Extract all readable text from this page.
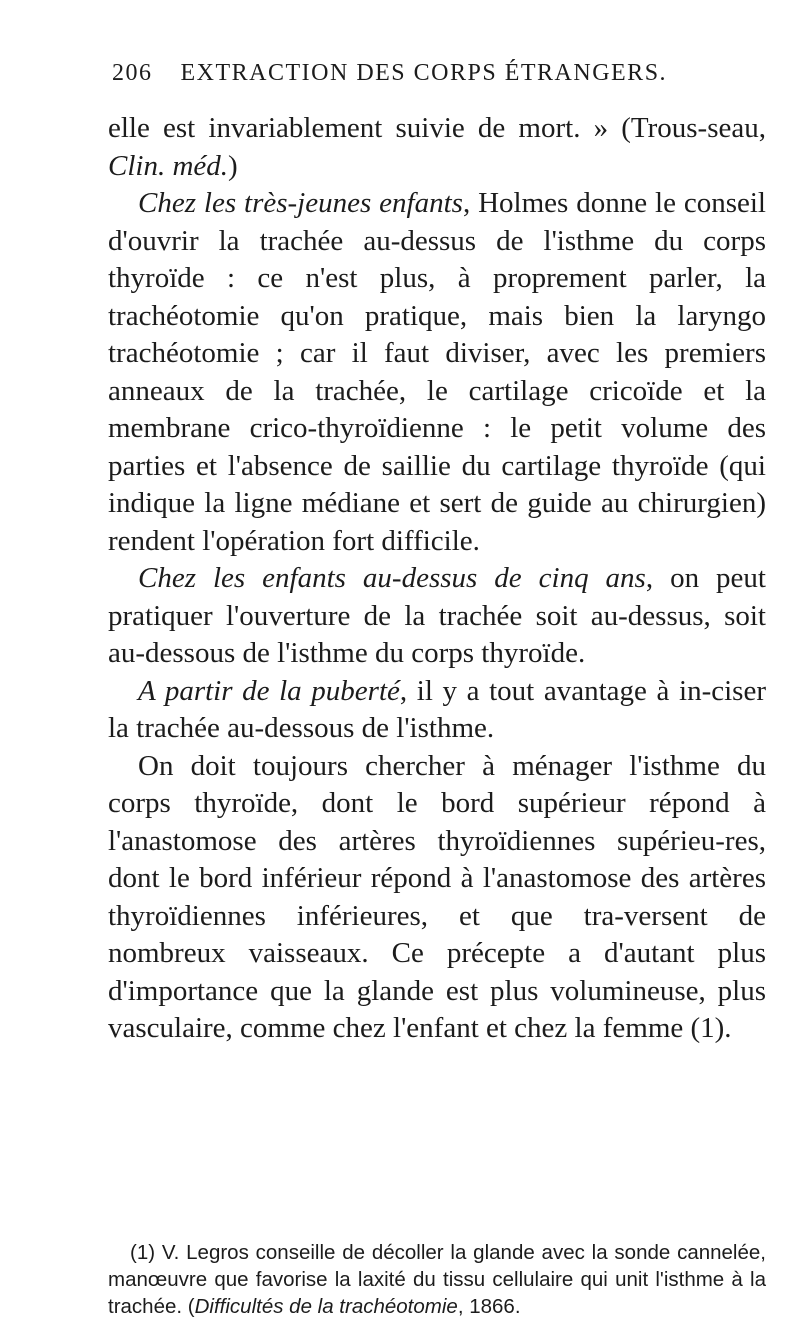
206 EXTRACTION DES CORPS ÉTRANGERS.

elle est invariablement suivie de mort. » (Trous-seau, Clin. méd.)

Chez les très-jeunes enfants, Holmes donne le conseil d'ouvrir la trachée au-dessus de l'isthme du corps thyroïde : ce n'est plus, à proprement parler, la trachéotomie qu'on pratique, mais bien la laryngo trachéotomie ; car il faut diviser, avec les premiers anneaux de la trachée, le cartilage cricoïde et la membrane crico-thyroïdienne : le petit volume des parties et l'absence de saillie du cartilage thyroïde (qui indique la ligne médiane et sert de guide au chirurgien) rendent l'opération fort difficile.

Chez les enfants au-dessus de cinq ans, on peut pratiquer l'ouverture de la trachée soit au-dessus, soit au-dessous de l'isthme du corps thyroïde.

A partir de la puberté, il y a tout avantage à in-ciser la trachée au-dessous de l'isthme.

On doit toujours chercher à ménager l'isthme du corps thyroïde, dont le bord supérieur répond à l'anastomose des artères thyroïdiennes supérieu-res, dont le bord inférieur répond à l'anastomose des artères thyroïdiennes inférieures, et que tra-versent de nombreux vaisseaux. Ce précepte a d'autant plus d'importance que la glande est plus volumineuse, plus vasculaire, comme chez l'enfant et chez la femme (1).

(1) V. Legros conseille de décoller la glande avec la sonde cannelée, manœuvre que favorise la laxité du tissu cellulaire qui unit l'isthme à la trachée. (Difficultés de la trachéotomie, 1866.
